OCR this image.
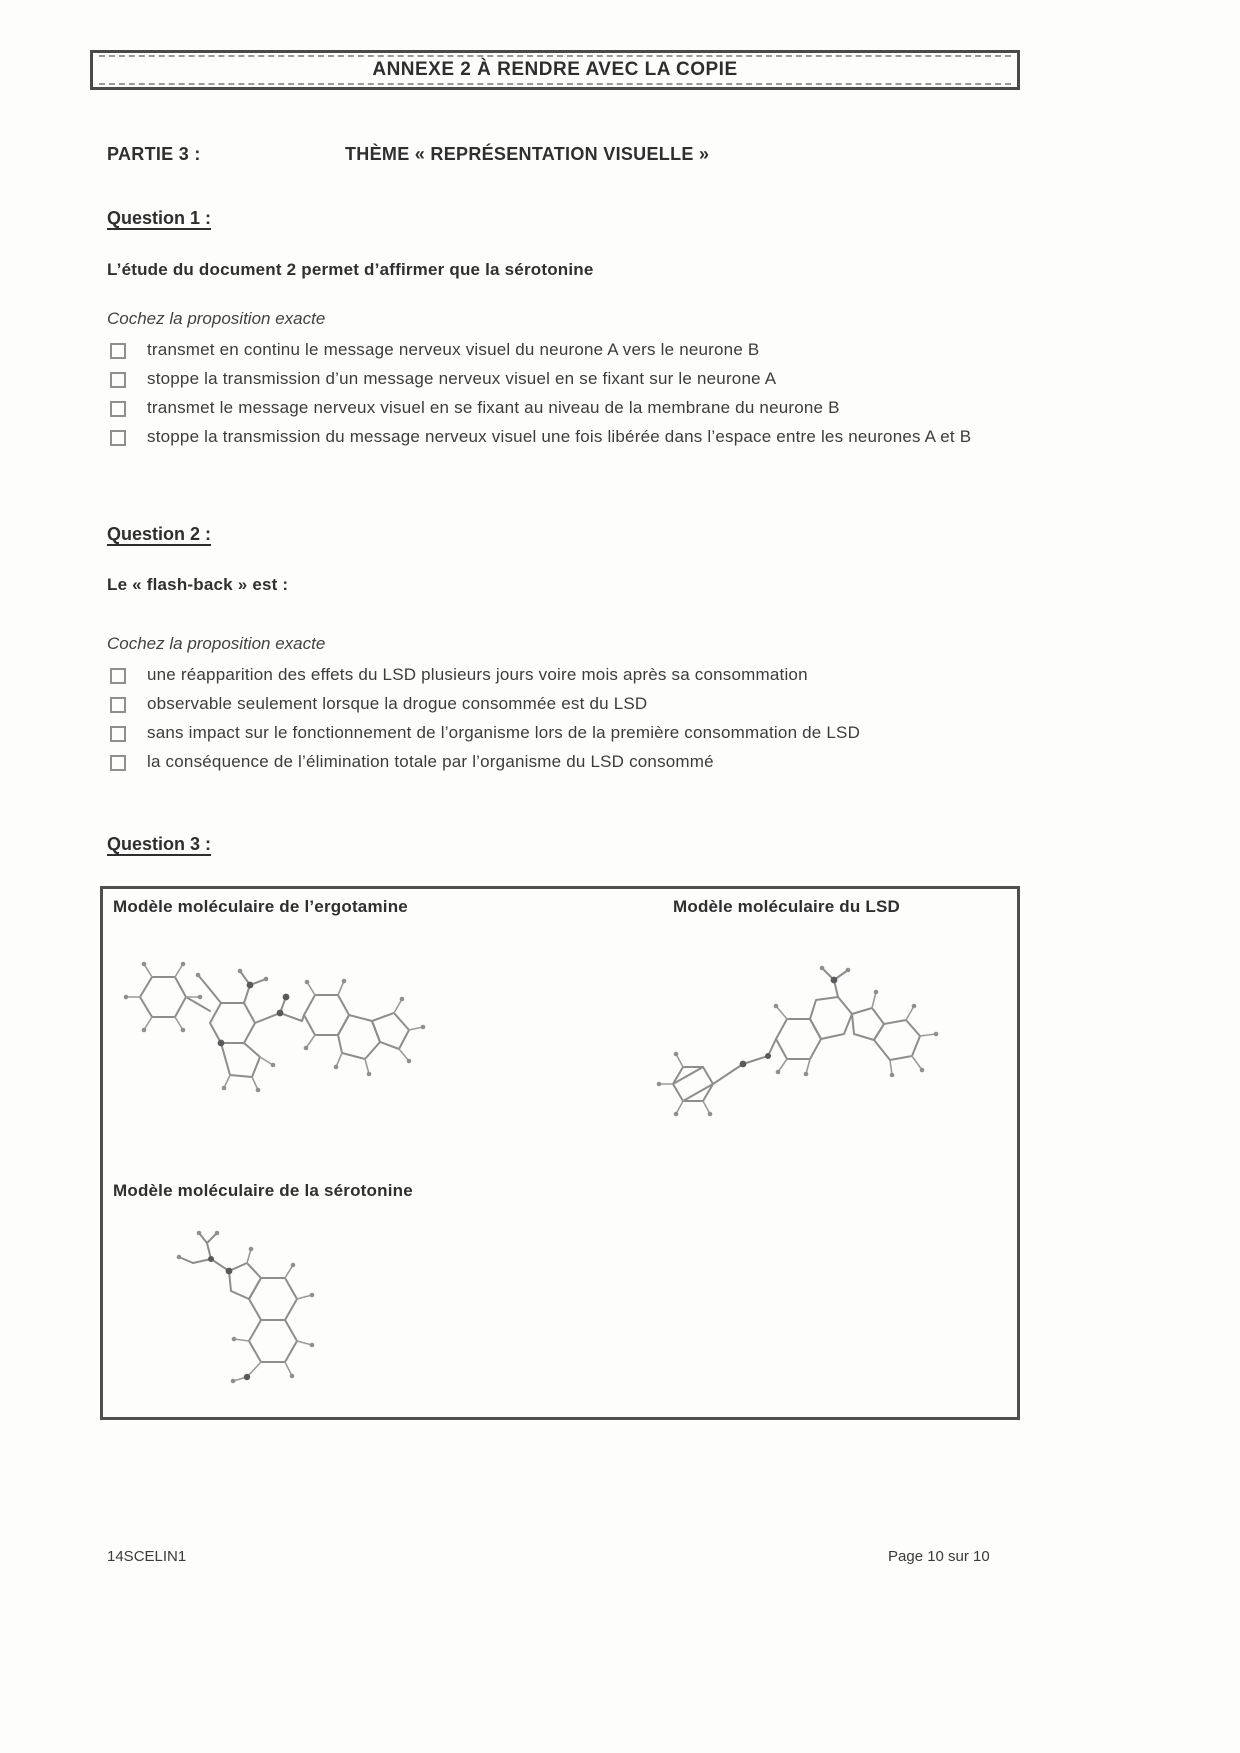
ANNEXE 2 À RENDRE AVEC LA COPIE
PARTIE 3 :	THÈME « REPRÉSENTATION VISUELLE »
Question 1 :
L’étude du document 2 permet d’affirmer que la sérotonine
Cochez la proposition exacte
transmet en continu le message nerveux visuel du neurone A vers le neurone B
stoppe la transmission d’un message nerveux visuel en se fixant sur le neurone A
transmet le message nerveux visuel en se fixant au niveau de la membrane du neurone B
stoppe la transmission du message nerveux visuel une fois libérée dans l’espace entre les neurones A et B
Question 2 :
Le « flash-back » est :
Cochez la proposition exacte
une réapparition des effets du LSD plusieurs jours voire mois après sa consommation
observable seulement lorsque la drogue consommée est du LSD
sans impact sur le fonctionnement de l’organisme lors de la première consommation de LSD
la conséquence de l’élimination totale par l’organisme du LSD consommé
Question 3 :
Modèle moléculaire de l’ergotamine	Modèle moléculaire du LSD
Modèle moléculaire de la sérotonine
14SCELIN1	Page 10 sur 10
